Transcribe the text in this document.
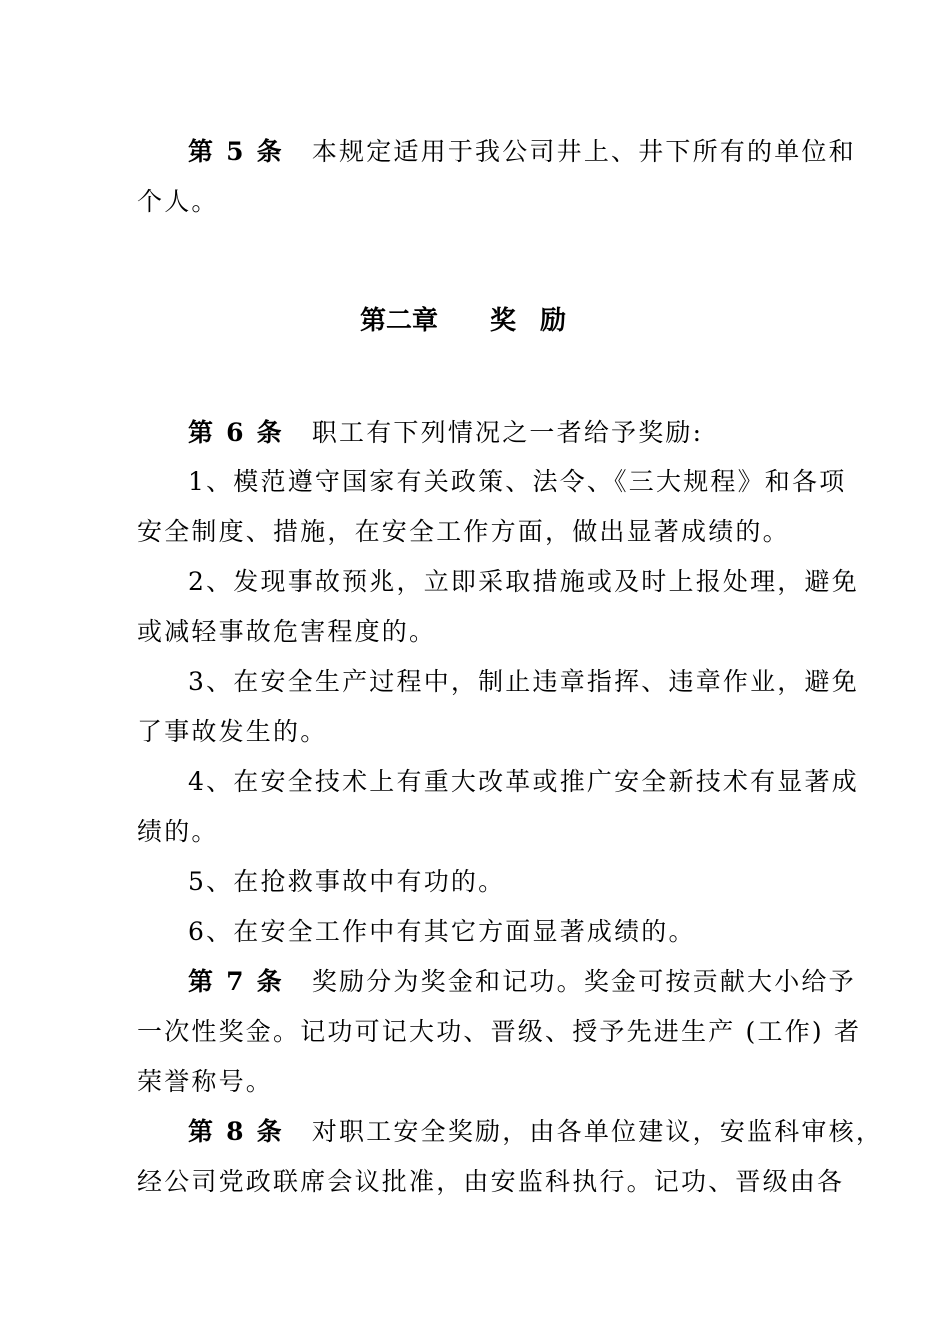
第 5 条 本规定适用于我公司井上、井下所有的单位和
个人。
第二章 奖励
第 6 条 职工有下列情况之一者给予奖励:
1、模范遵守国家有关政策、法令、《三大规程》和各项
安全制度、措施，在安全工作方面，做出显著成绩的。
2、发现事故预兆，立即采取措施或及时上报处理，避免
或减轻事故危害程度的。
3、在安全生产过程中，制止违章指挥、违章作业，避免
了事故发生的。
4、在安全技术上有重大改革或推广安全新技术有显著成
绩的。
5、在抢救事故中有功的。
6、在安全工作中有其它方面显著成绩的。
第 7 条 奖励分为奖金和记功。奖金可按贡献大小给予
一次性奖金。记功可记大功、晋级、授予先进生产 (工作) 者
荣誉称号。
第 8 条 对职工安全奖励，由各单位建议，安监科审核，
经公司党政联席会议批准，由安监科执行。记功、晋级由各
